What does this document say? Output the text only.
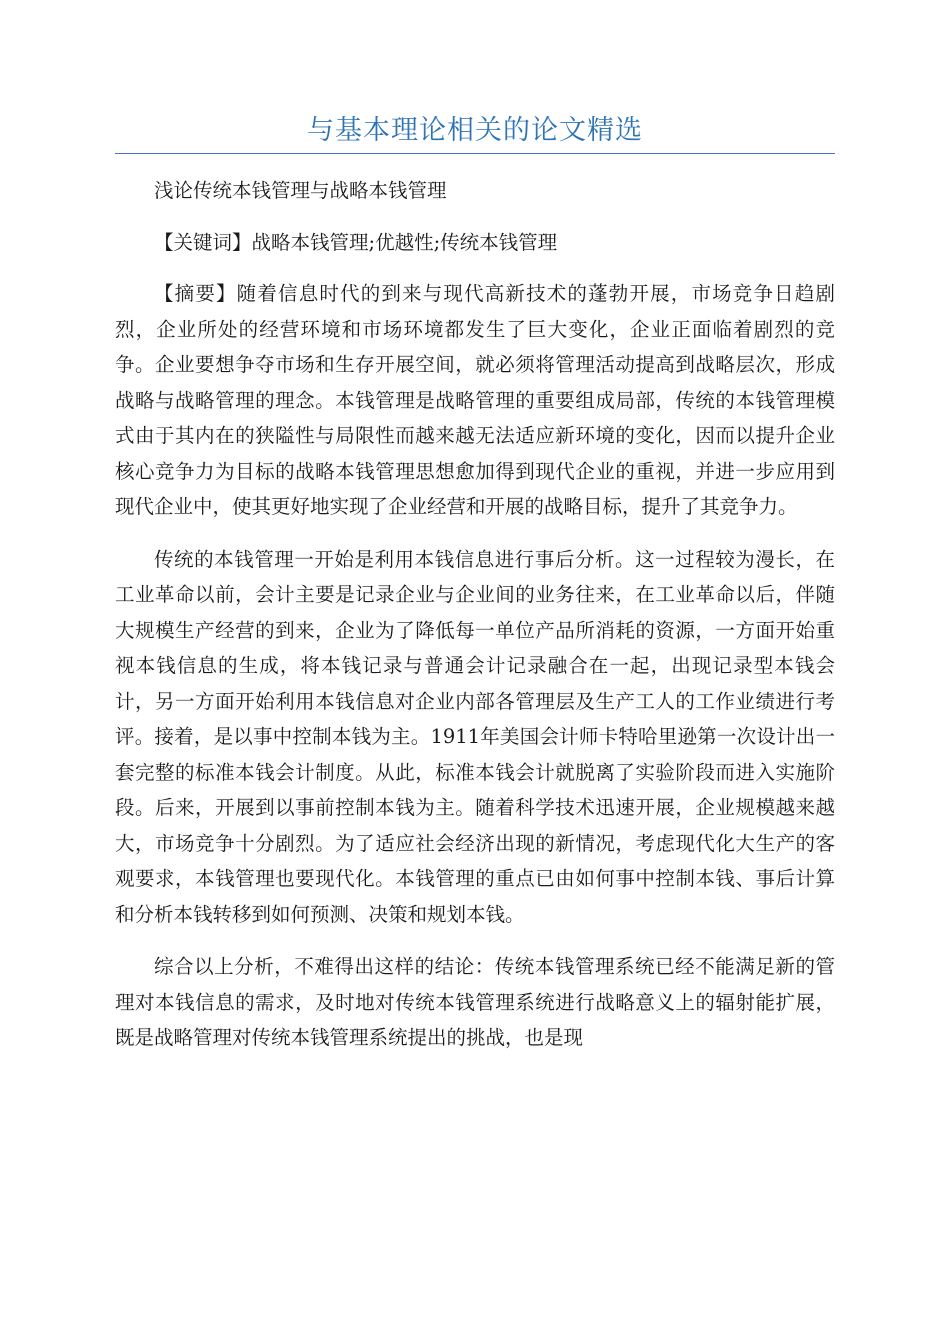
与基本理论相关的论文精选

浅论传统本钱管理与战略本钱管理

【关键词】战略本钱管理;优越性;传统本钱管理

【摘要】随着信息时代的到来与现代高新技术的蓬勃开展，市场竞争日趋剧烈，企业所处的经营环境和市场环境都发生了巨大变化，企业正面临着剧烈的竞争。企业要想争夺市场和生存开展空间，就必须将管理活动提高到战略层次，形成战略与战略管理的理念。本钱管理是战略管理的重要组成局部，传统的本钱管理模式由于其内在的狭隘性与局限性而越来越无法适应新环境的变化，因而以提升企业核心竞争力为目标的战略本钱管理思想愈加得到现代企业的重视，并进一步应用到现代企业中，使其更好地实现了企业经营和开展的战略目标，提升了其竞争力。

传统的本钱管理一开始是利用本钱信息进行事后分析。这一过程较为漫长，在工业革命以前，会计主要是记录企业与企业间的业务往来，在工业革命以后，伴随大规模生产经营的到来，企业为了降低每一单位产品所消耗的资源，一方面开始重视本钱信息的生成，将本钱记录与普通会计记录融合在一起，出现记录型本钱会计，另一方面开始利用本钱信息对企业内部各管理层及生产工人的工作业绩进行考评。接着，是以事中控制本钱为主。1911年美国会计师卡特哈里逊第一次设计出一套完整的标准本钱会计制度。从此，标准本钱会计就脱离了实验阶段而进入实施阶段。后来，开展到以事前控制本钱为主。随着科学技术迅速开展，企业规模越来越大，市场竞争十分剧烈。为了适应社会经济出现的新情况，考虑现代化大生产的客观要求，本钱管理也要现代化。本钱管理的重点已由如何事中控制本钱、事后计算和分析本钱转移到如何预测、决策和规划本钱。

综合以上分析，不难得出这样的结论：传统本钱管理系统已经不能满足新的管理对本钱信息的需求，及时地对传统本钱管理系统进行战略意义上的辐射能扩展，既是战略管理对传统本钱管理系统提出的挑战，也是现
